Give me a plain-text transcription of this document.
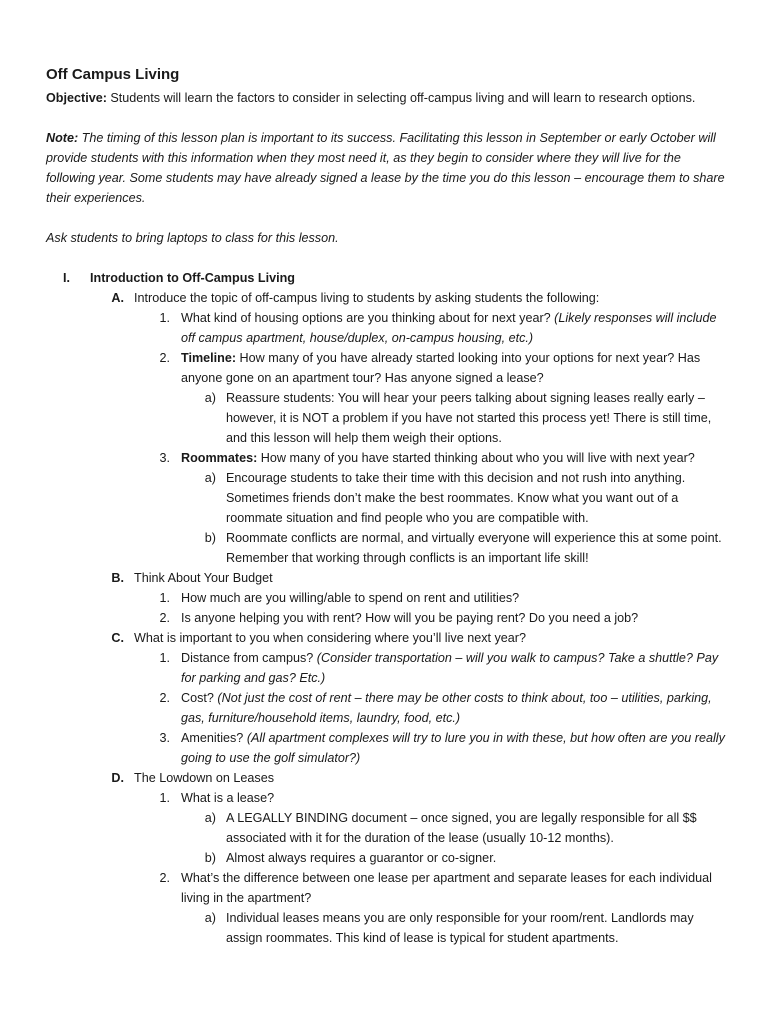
Off Campus Living

Objective: Students will learn the factors to consider in selecting off-campus living and will learn to research options.

Note: The timing of this lesson plan is important to its success. Facilitating this lesson in September or early October will provide students with this information when they most need it, as they begin to consider where they will live for the following year. Some students may have already signed a lease by the time you do this lesson – encourage them to share their experiences.

Ask students to bring laptops to class for this lesson.

I.	Introduction to Off-Campus Living
A. Introduce the topic of off-campus living to students by asking students the following:
1. What kind of housing options are you thinking about for next year? (Likely responses will include off campus apartment, house/duplex, on-campus housing, etc.)
2. Timeline: How many of you have already started looking into your options for next year? Has anyone gone on an apartment tour? Has anyone signed a lease?
a) Reassure students: You will hear your peers talking about signing leases really early – however, it is NOT a problem if you have not started this process yet! There is still time, and this lesson will help them weigh their options.
3. Roommates: How many of you have started thinking about who you will live with next year?
a) Encourage students to take their time with this decision and not rush into anything. Sometimes friends don’t make the best roommates. Know what you want out of a roommate situation and find people who you are compatible with.
b) Roommate conflicts are normal, and virtually everyone will experience this at some point. Remember that working through conflicts is an important life skill!
B. Think About Your Budget
1. How much are you willing/able to spend on rent and utilities?
2. Is anyone helping you with rent? How will you be paying rent? Do you need a job?
C. What is important to you when considering where you’ll live next year?
1. Distance from campus? (Consider transportation – will you walk to campus? Take a shuttle? Pay for parking and gas? Etc.)
2. Cost? (Not just the cost of rent – there may be other costs to think about, too – utilities, parking, gas, furniture/household items, laundry, food, etc.)
3. Amenities? (All apartment complexes will try to lure you in with these, but how often are you really going to use the golf simulator?)
D. The Lowdown on Leases
1. What is a lease?
a) A LEGALLY BINDING document – once signed, you are legally responsible for all $$ associated with it for the duration of the lease (usually 10-12 months).
b) Almost always requires a guarantor or co-signer.
2. What’s the difference between one lease per apartment and separate leases for each individual living in the apartment?
a) Individual leases means you are only responsible for your room/rent. Landlords may assign roommates. This kind of lease is typical for student apartments.
